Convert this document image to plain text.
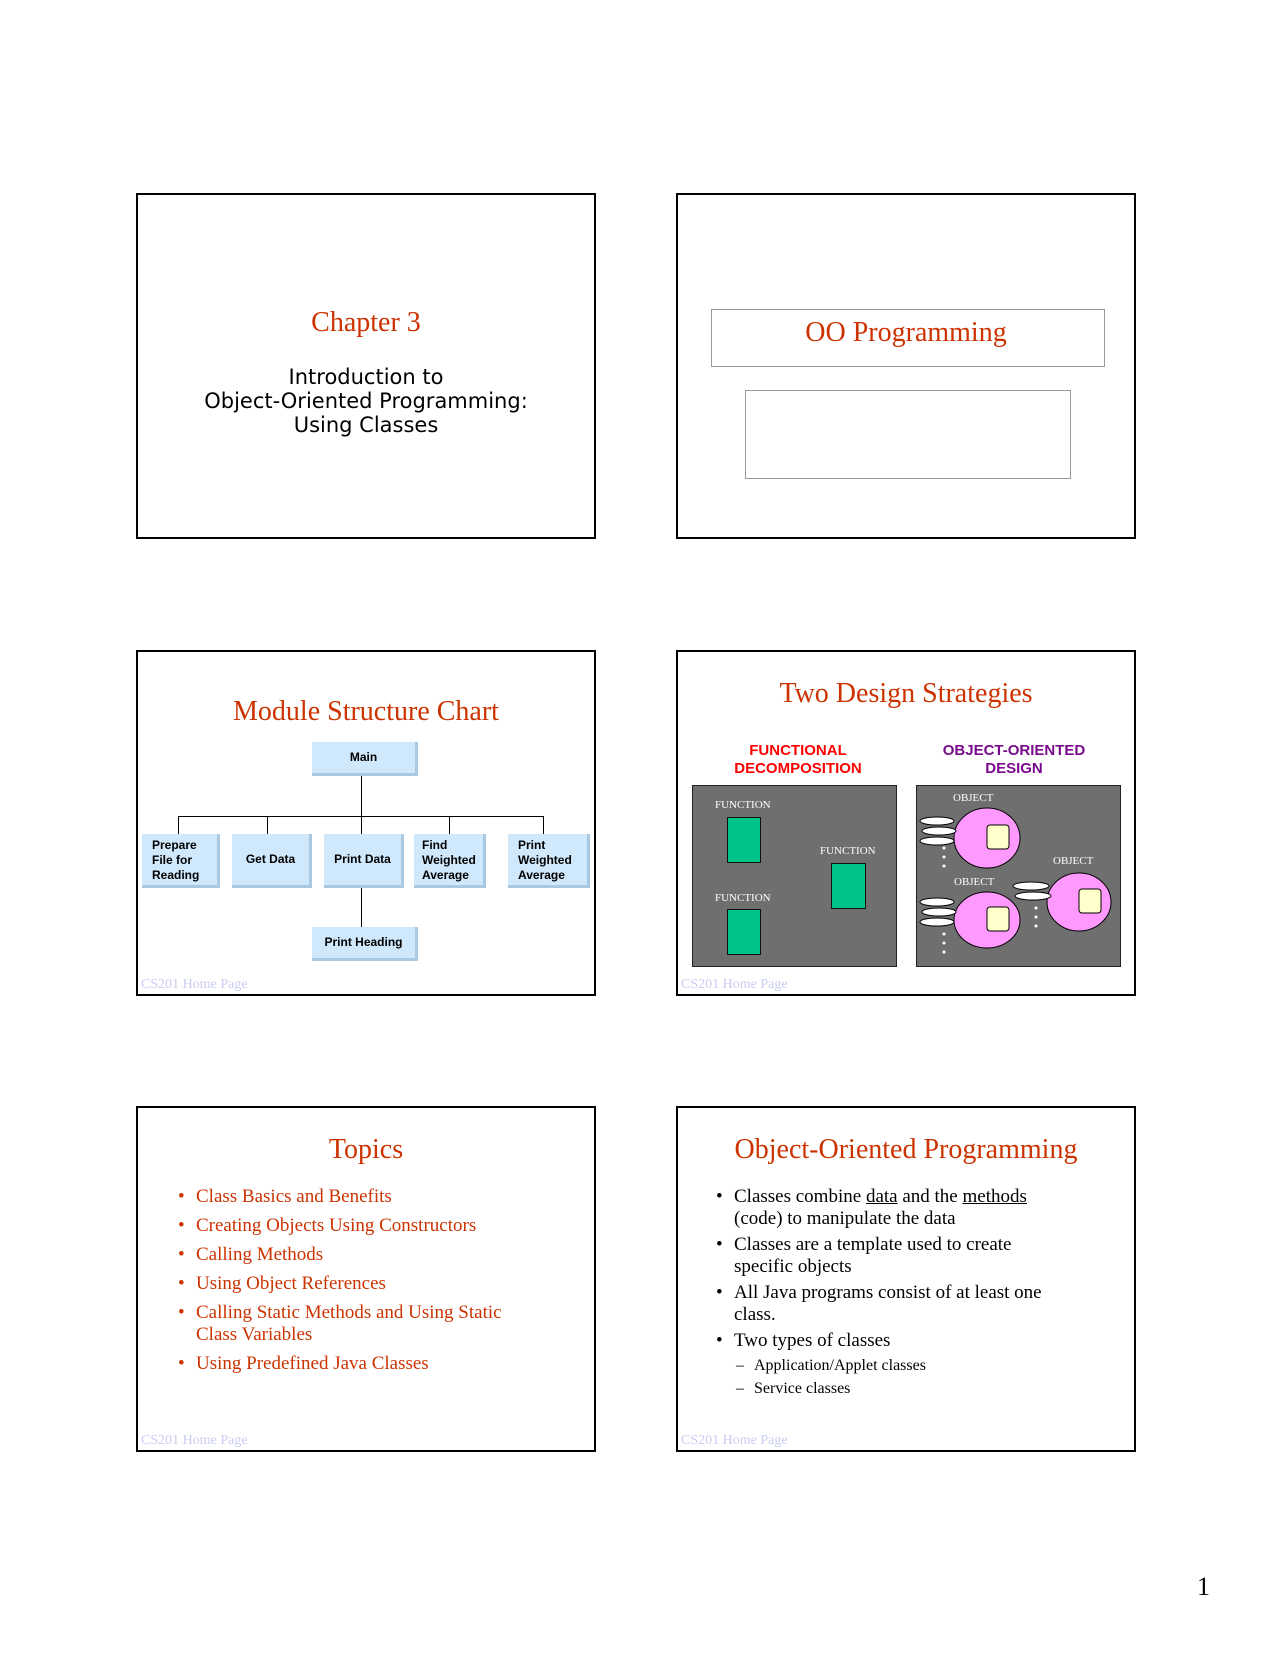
Chapter 3
Introduction to
Object-Oriented Programming:
Using Classes
OO Programming
Module Structure Chart
Main
Prepare
File for
Reading
Get Data	Print Data
Find
Weighted
Average
Print
Weighted
Average
Print Heading
CS201 Home Page
Two Design Strategies
FUNCTIONAL
DECOMPOSITION
OBJECT-ORIENTED
DESIGN
FUNCTION
FUNCTION
FUNCTION
OBJECT
OBJECT
OBJECT
CS201 Home Page
Topics
• Class Basics and Benefits
• Creating Objects Using Constructors
• Calling Methods
• Using Object References
• Calling Static Methods and Using Static Class Variables
• Using Predefined Java Classes
CS201 Home Page
Object-Oriented Programming
• Classes combine data and the methods (code) to manipulate the data
• Classes are a template used to create specific objects
• All Java programs consist of at least one class.
• Two types of classes
– Application/Applet classes
– Service classes
CS201 Home Page
1
